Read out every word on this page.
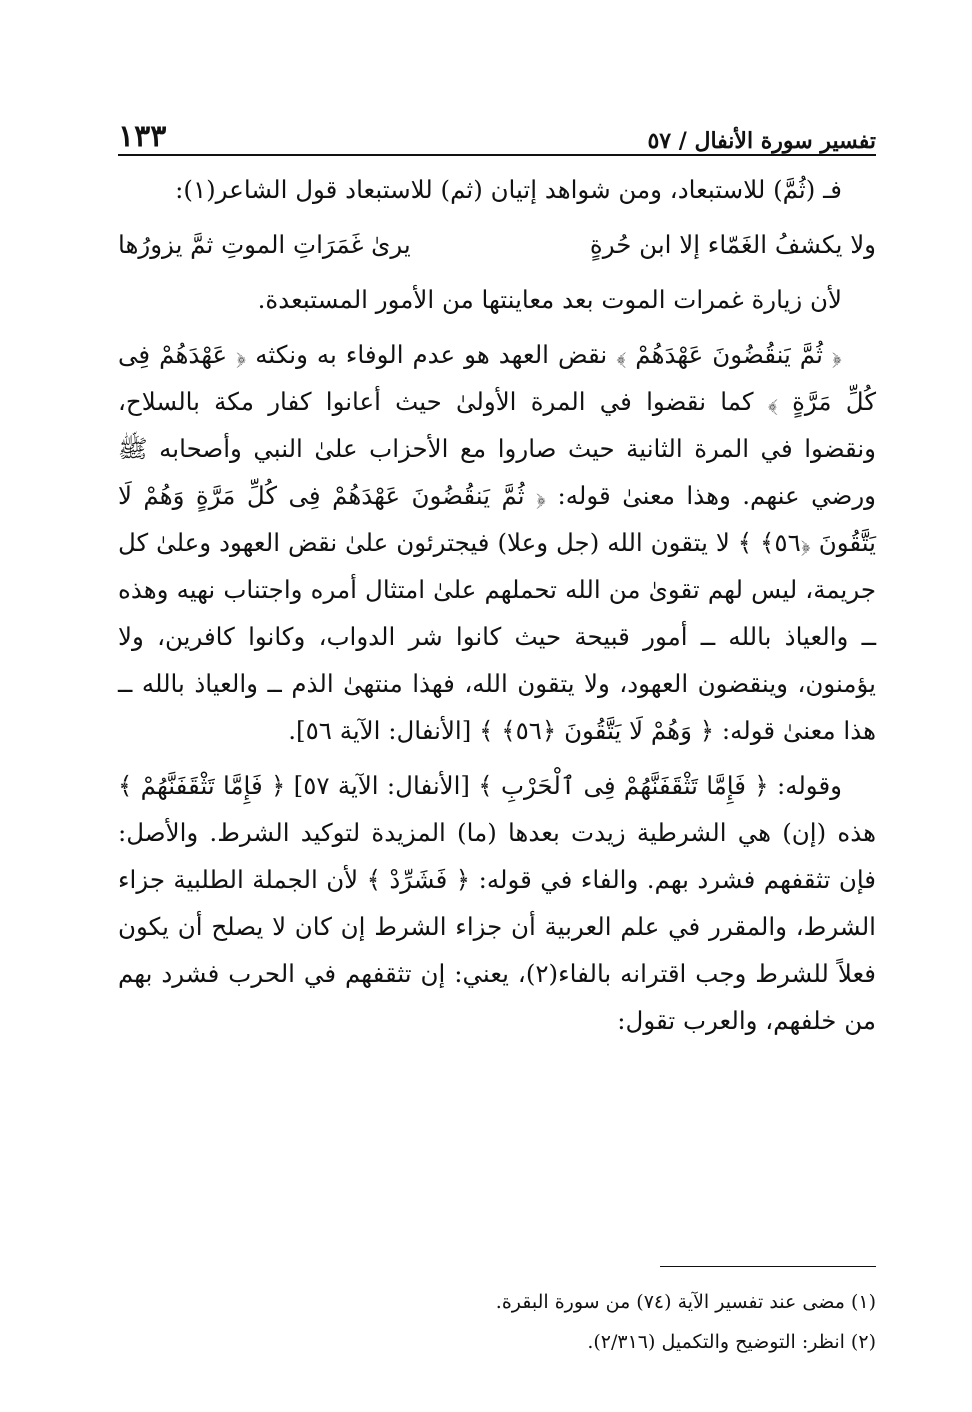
تفسير سورة الأنفال / ٥٧
١٣٣

فـ (ثُمَّ) للاستبعاد، ومن شواهد إتيان (ثم) للاستبعاد قول الشاعر(١):

ولا يكشفُ الغَمّاء إلا ابن حُرةٍ
يرىٰ غَمَرَاتِ الموتِ ثمَّ يزورُها

لأن زيارة غمرات الموت بعد معاينتها من الأمور المستبعدة.

﴿ ثُمَّ يَنقُضُونَ عَهْدَهُمْ ﴾ نقض العهد هو عدم الوفاء به ونكثه ﴿ عَهْدَهُمْ فِى كُلِّ مَرَّةٍ ﴾ كما نقضوا في المرة الأولىٰ حيث أعانوا كفار مكة بالسلاح، ونقضوا في المرة الثانية حيث صاروا مع الأحزاب علىٰ النبي وأصحابه ﷺ ورضي عنهم. وهذا معنىٰ قوله: ﴿ ثُمَّ يَنقُضُونَ عَهْدَهُمْ فِى كُلِّ مَرَّةٍ وَهُمْ لَا يَتَّقُونَ ﴿٥٦﴾ ﴾ لا يتقون الله (جل وعلا) فيجترئون علىٰ نقض العهود وعلىٰ كل جريمة، ليس لهم تقوىٰ من الله تحملهم علىٰ امتثال أمره واجتناب نهيه وهذه ــ والعياذ بالله ــ أمور قبيحة حيث كانوا شر الدواب، وكانوا كافرين، ولا يؤمنون، وينقضون العهود، ولا يتقون الله، فهذا منتهىٰ الذم ــ والعياذ بالله ــ هذا معنىٰ قوله: ﴿ وَهُمْ لَا يَتَّقُونَ ﴿٥٦﴾ ﴾ [الأنفال: الآية ٥٦].

وقوله: ﴿ فَإِمَّا تَثْقَفَنَّهُمْ فِى ٱلْحَرْبِ ﴾ [الأنفال: الآية ٥٧] ﴿ فَإِمَّا تَثْقَفَنَّهُمْ ﴾ هذه (إن) هي الشرطية زيدت بعدها (ما) المزيدة لتوكيد الشرط. والأصل: فإن تثقفهم فشرد بهم. والفاء في قوله: ﴿ فَشَرِّدْ ﴾ لأن الجملة الطلبية جزاء الشرط، والمقرر في علم العربية أن جزاء الشرط إن كان لا يصلح أن يكون فعلاً للشرط وجب اقترانه بالفاء(٢)، يعني: إن تثقفهم في الحرب فشرد بهم من خلفهم، والعرب تقول:

(١) مضى عند تفسير الآية (٧٤) من سورة البقرة.

(٢) انظر: التوضيح والتكميل (٢/٣١٦).
